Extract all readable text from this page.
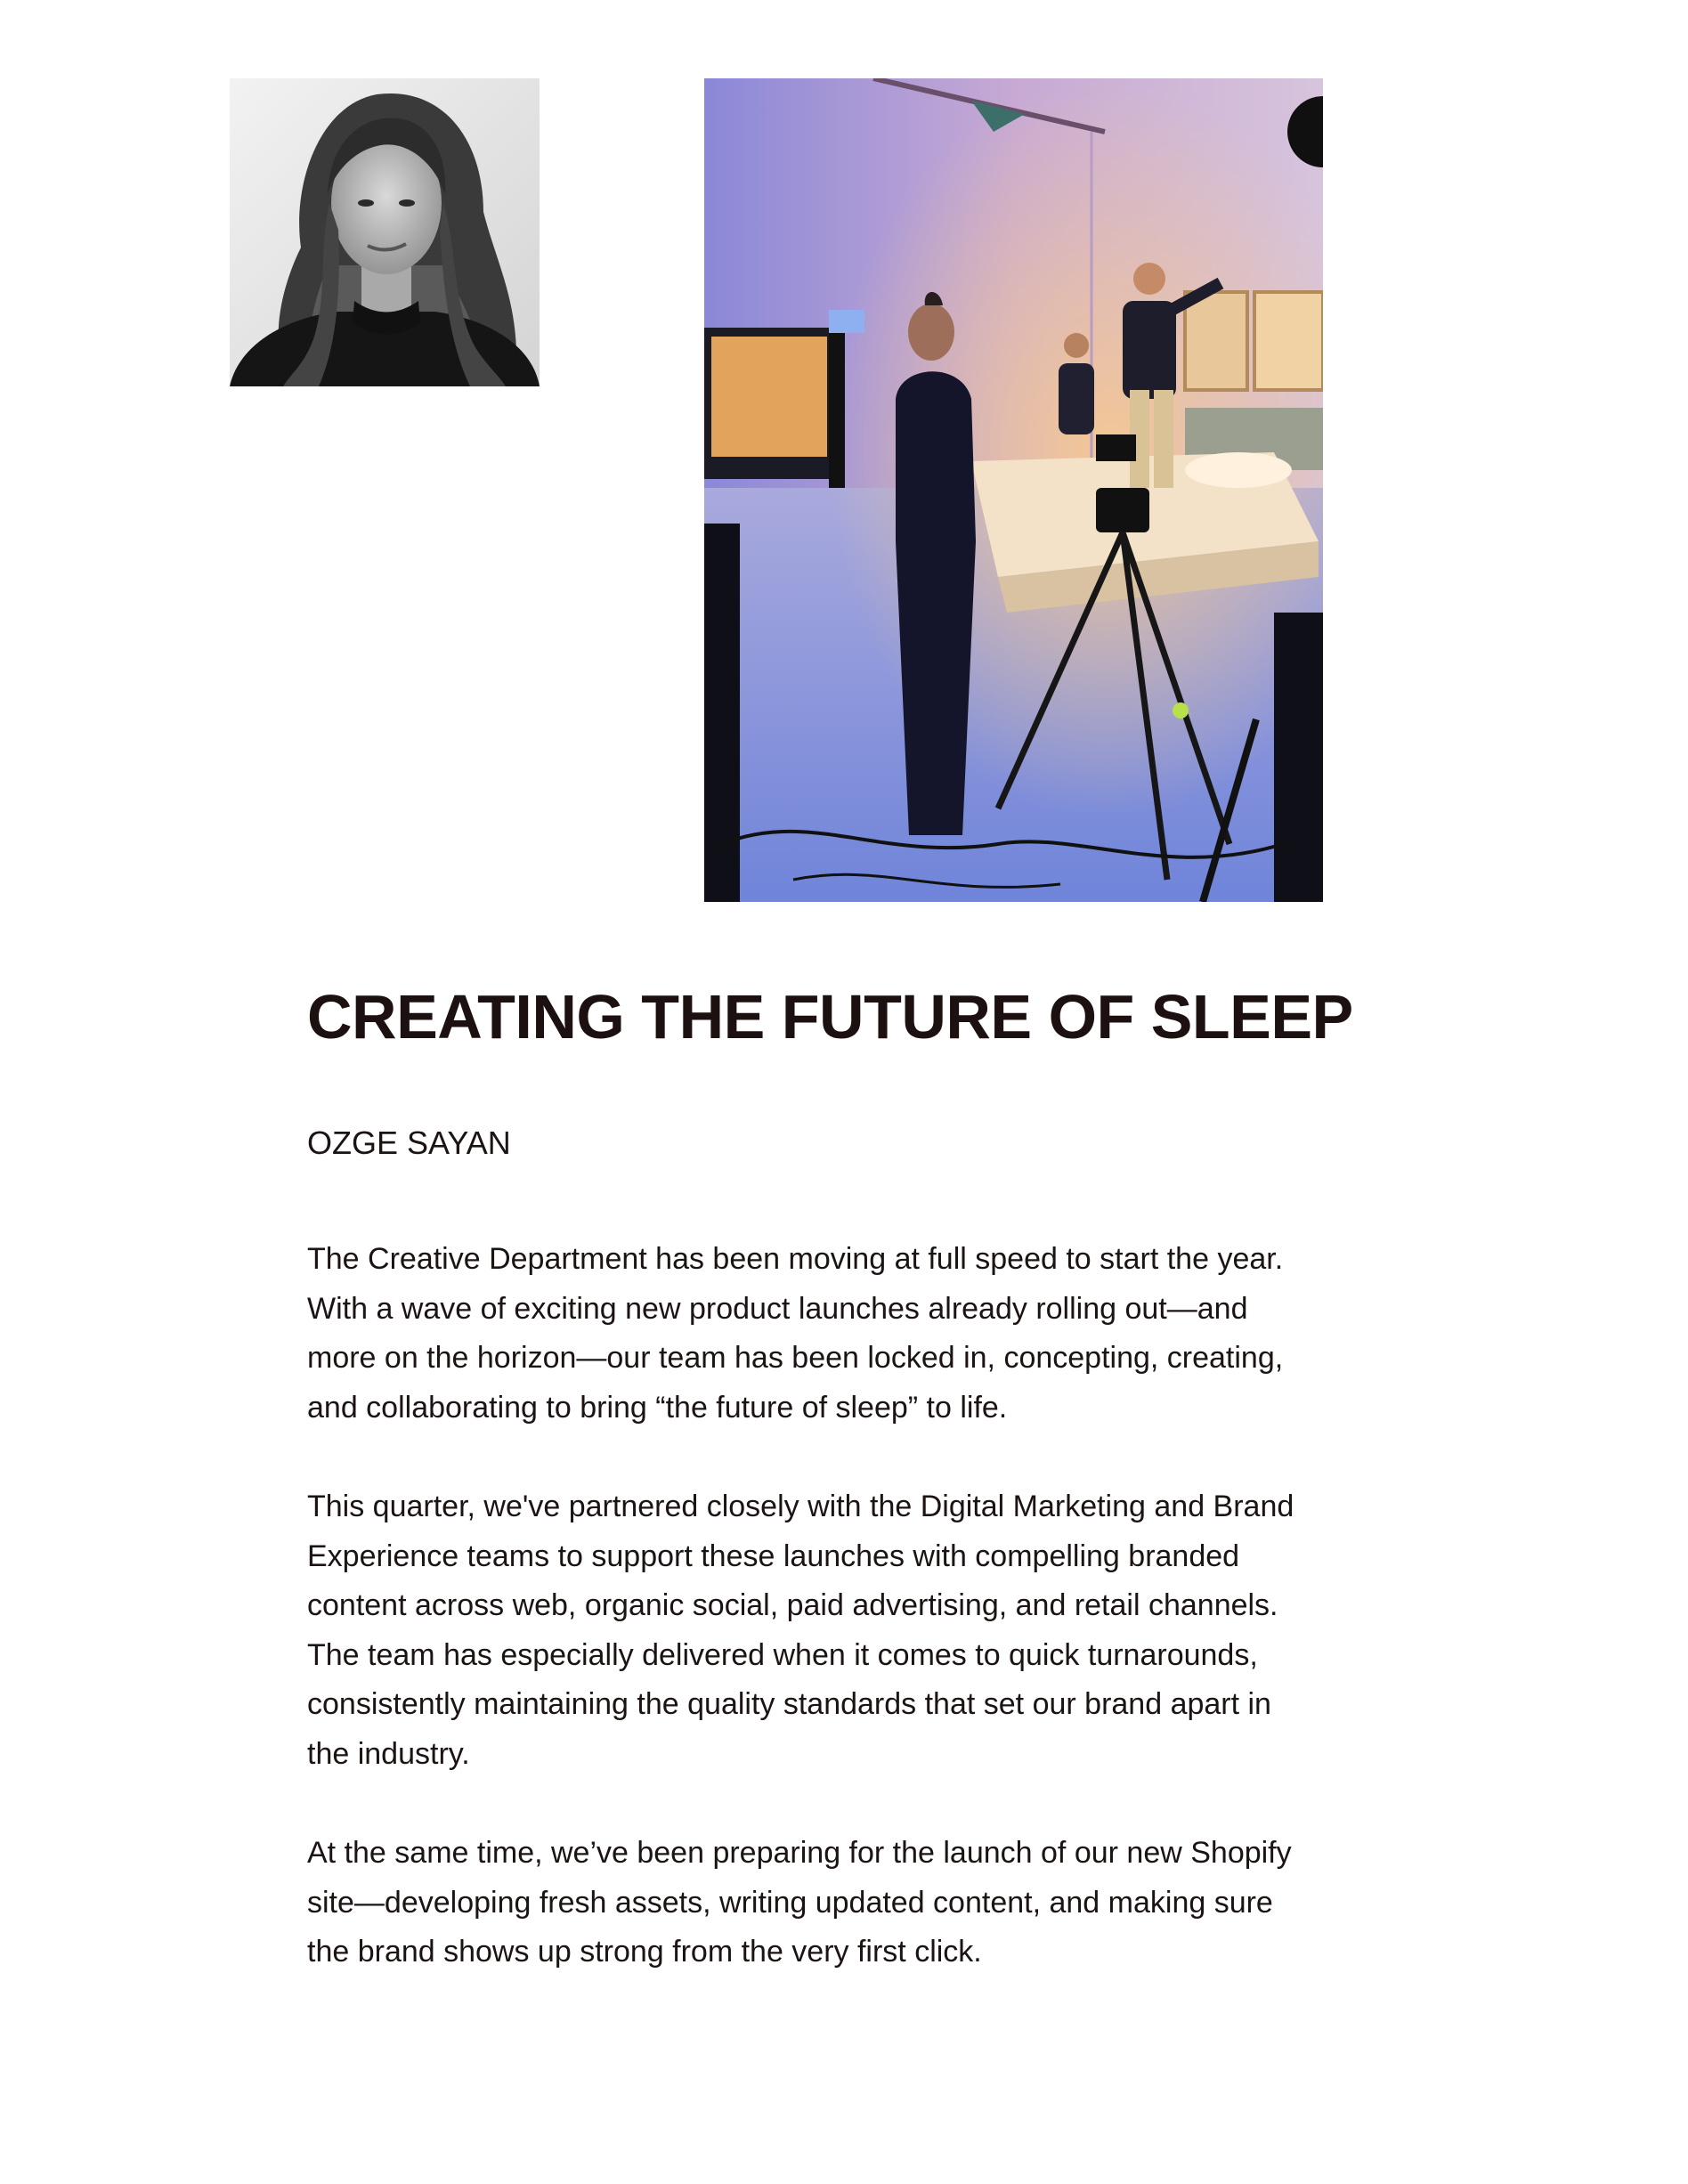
CREATING THE FUTURE OF SLEEP

OZGE SAYAN

The Creative Department has been moving at full speed to start the year.
With a wave of exciting new product launches already rolling out—and
more on the horizon—our team has been locked in, concepting, creating,
and collaborating to bring “the future of sleep” to life.

This quarter, we've partnered closely with the Digital Marketing and Brand
Experience teams to support these launches with compelling branded
content across web, organic social, paid advertising, and retail channels.
The team has especially delivered when it comes to quick turnarounds,
consistently maintaining the quality standards that set our brand apart in
the industry.

At the same time, we’ve been preparing for the launch of our new Shopify
site—developing fresh assets, writing updated content, and making sure
the brand shows up strong from the very first click.
